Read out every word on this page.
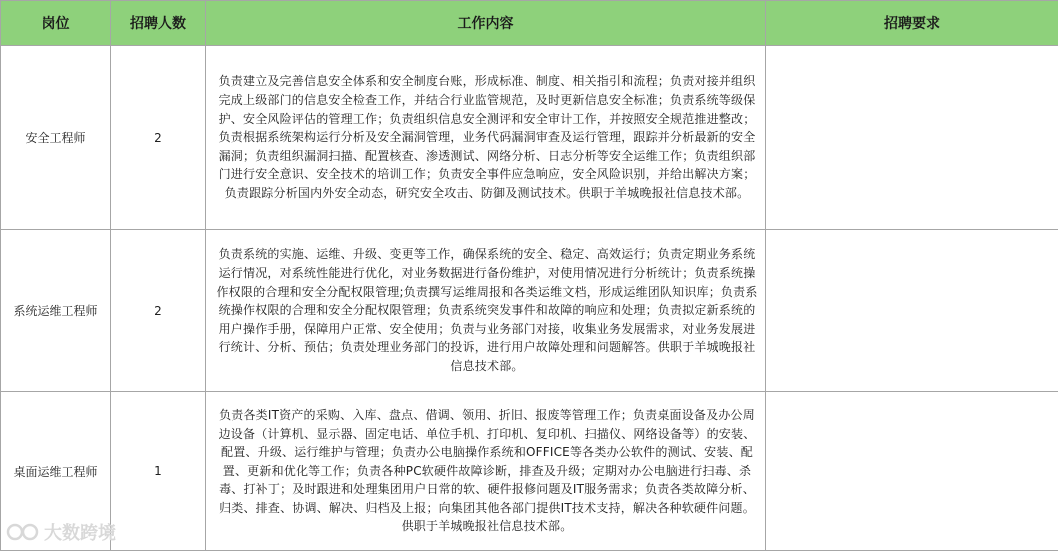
岗位	招聘人数	工作内容	招聘要求
安全工程师	2	负责建立及完善信息安全体系和安全制度台账，形成标准、制度、相关指引和流程；负责对接并组织完成上级部门的信息安全检查工作，并结合行业监管规范，及时更新信息安全标准；负责系统等级保护、安全风险评估的管理工作；负责组织信息安全测评和安全审计工作，并按照安全规范推进整改；负责根据系统架构运行分析及安全漏洞管理，业务代码漏洞审查及运行管理，跟踪并分析最新的安全漏洞；负责组织漏洞扫描、配置核查、渗透测试、网络分析、日志分析等安全运维工作；负责组织部门进行安全意识、安全技术的培训工作；负责安全事件应急响应，安全风险识别，并给出解决方案；负责跟踪分析国内外安全动态，研究安全攻击、防御及测试技术。供职于羊城晚报社信息技术部。	
系统运维工程师	2	负责系统的实施、运维、升级、变更等工作，确保系统的安全、稳定、高效运行；负责定期业务系统运行情况，对系统性能进行优化，对业务数据进行备份维护，对使用情况进行分析统计；负责系统操作权限的合理和安全分配权限管理;负责撰写运维周报和各类运维文档，形成运维团队知识库；负责系统操作权限的合理和安全分配权限管理；负责系统突发事件和故障的响应和处理；负责拟定新系统的用户操作手册，保障用户正常、安全使用；负责与业务部门对接，收集业务发展需求，对业务发展进行统计、分析、预估；负责处理业务部门的投诉，进行用户故障处理和问题解答。供职于羊城晚报社信息技术部。	
桌面运维工程师	1	负责各类IT资产的采购、入库、盘点、借调、领用、折旧、报废等管理工作；负责桌面设备及办公周边设备（计算机、显示器、固定电话、单位手机、打印机、复印机、扫描仪、网络设备等）的安装、配置、升级、运行维护与管理；负责办公电脑操作系统和OFFICE等各类办公软件的测试、安装、配置、更新和优化等工作；负责各种PC软硬件故障诊断，排查及升级；定期对办公电脑进行扫毒、杀毒、打补丁；及时跟进和处理集团用户日常的软、硬件报修问题及IT服务需求；负责各类故障分析、归类、排查、协调、解决、归档及上报；向集团其他各部门提供IT技术支持，解决各种软硬件问题。供职于羊城晚报社信息技术部。	
大数跨境
